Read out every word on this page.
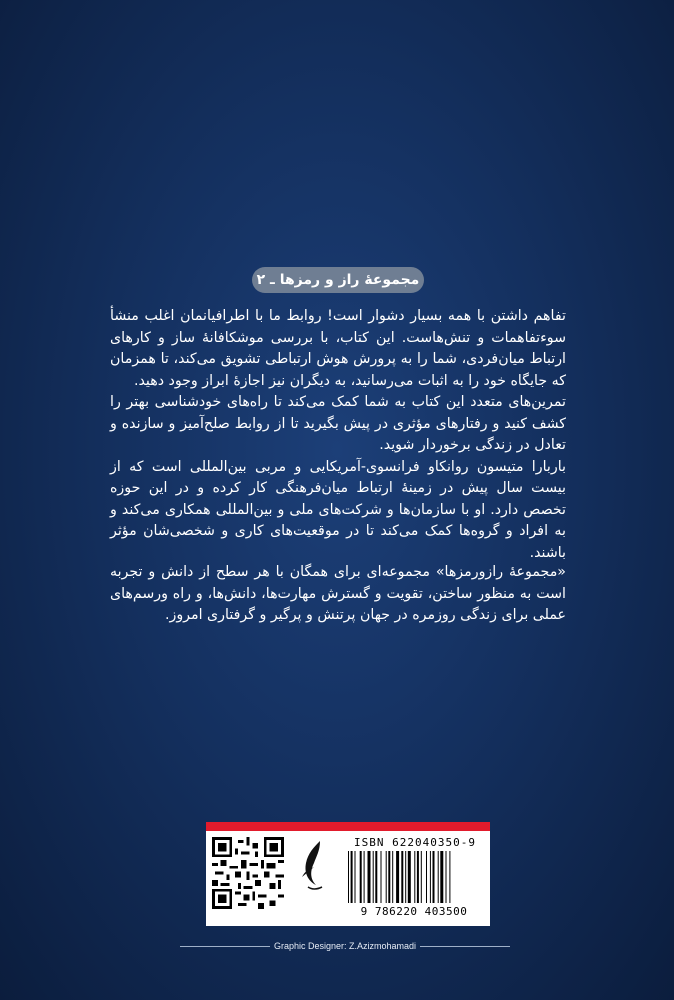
مجموعهٔ راز و رمزها ـ ۲

تفاهم داشتن با همه بسیار دشوار است! روابط ما با اطرافیانمان اغلب منشأ سوءتفاهمات و تنش‌هاست. این کتاب، با بررسی موشکافانهٔ ساز و کارهای ارتباط میان‌فردی، شما را به پرورش هوش ارتباطی تشویق می‌کند، تا همزمان که جایگاه خود را به اثبات می‌رسانید، به دیگران نیز اجازهٔ ابراز وجود دهید.

تمرین‌های متعدد این کتاب به شما کمک می‌کند تا راه‌های خودشناسی بهتر را کشف کنید و رفتارهای مؤثری در پیش بگیرید تا از روابط صلح‌آمیز و سازنده و تعادل در زندگی برخوردار شوید.

باربارا متیسون روانکاو فرانسوی-آمریکایی و مربی بین‌المللی است که از بیست سال پیش در زمینهٔ ارتباط میان‌فرهنگی کار کرده و در این حوزه تخصص دارد. او با سازمان‌ها و شرکت‌های ملی و بین‌المللی همکاری می‌کند و به افراد و گروه‌ها کمک می‌کند تا در موقعیت‌های کاری و شخصی‌شان مؤثر باشند.

«مجموعهٔ رازورمزها» مجموعه‌ای برای همگان با هر سطح از دانش و تجربه است به منظور ساختن، تقویت و گسترش مهارت‌ها، دانش‌ها، و راه ورسم‌های عملی برای زندگی روزمره در جهان پرتنش و پرگیر و گرفتاری امروز.

ISBN 622040350-9
9 786220 403500
Graphic Designer: Z.Azizmohamadi
